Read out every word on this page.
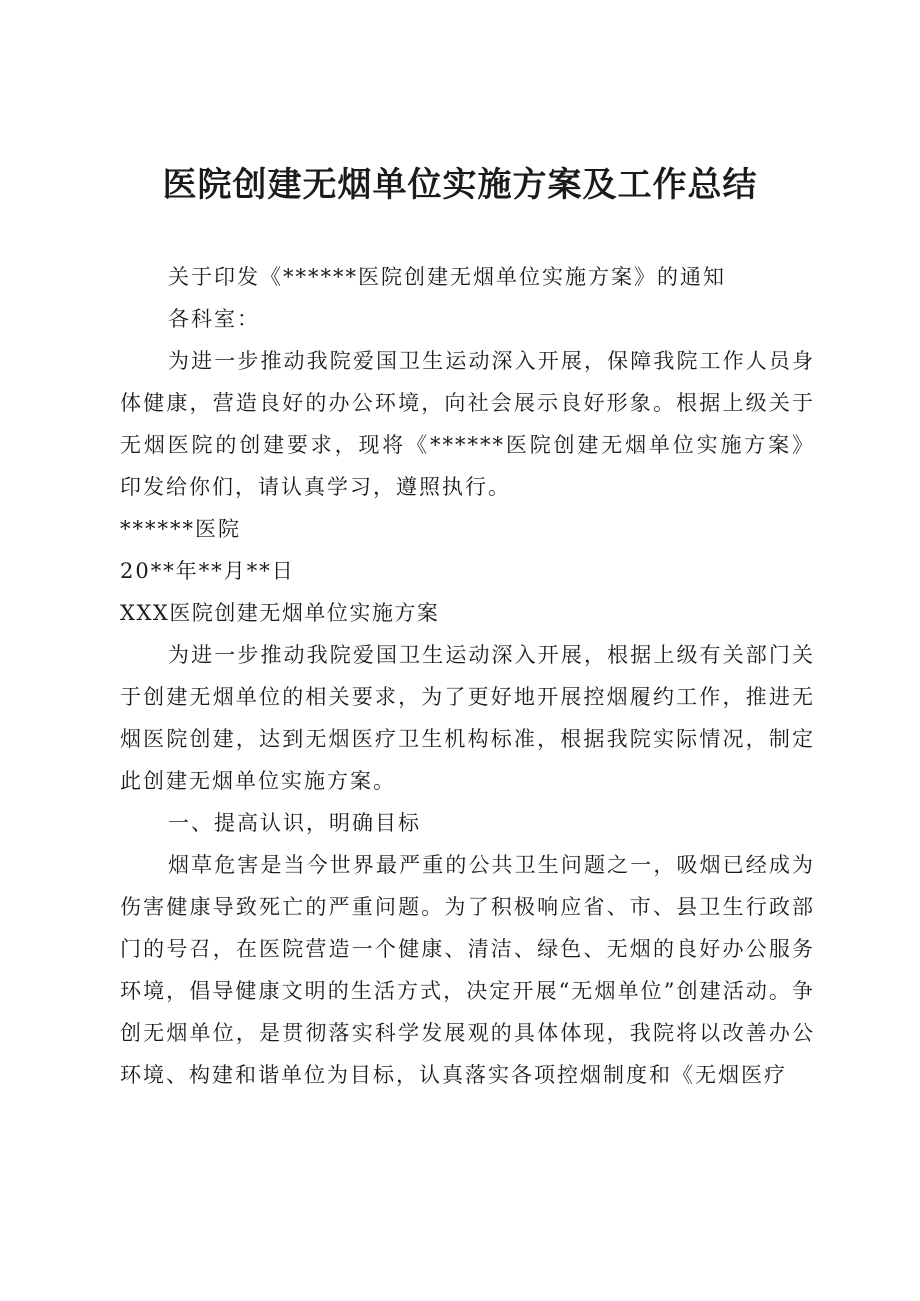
医院创建无烟单位实施方案及工作总结

关于印发《******医院创建无烟单位实施方案》的通知

各科室：

为进一步推动我院爱国卫生运动深入开展，保障我院工作人员身体健康，营造良好的办公环境，向社会展示良好形象。根据上级关于无烟医院的创建要求，现将《******医院创建无烟单位实施方案》印发给你们，请认真学习，遵照执行。

******医院

20**年**月**日

XXX医院创建无烟单位实施方案

为进一步推动我院爱国卫生运动深入开展，根据上级有关部门关于创建无烟单位的相关要求，为了更好地开展控烟履约工作，推进无烟医院创建，达到无烟医疗卫生机构标准，根据我院实际情况，制定此创建无烟单位实施方案。

一、提高认识，明确目标

烟草危害是当今世界最严重的公共卫生问题之一，吸烟已经成为伤害健康导致死亡的严重问题。为了积极响应省、市、县卫生行政部门的号召，在医院营造一个健康、清洁、绿色、无烟的良好办公服务环境，倡导健康文明的生活方式，决定开展“无烟单位”创建活动。争创无烟单位，是贯彻落实科学发展观的具体体现，我院将以改善办公环境、构建和谐单位为目标，认真落实各项控烟制度和《无烟医疗
